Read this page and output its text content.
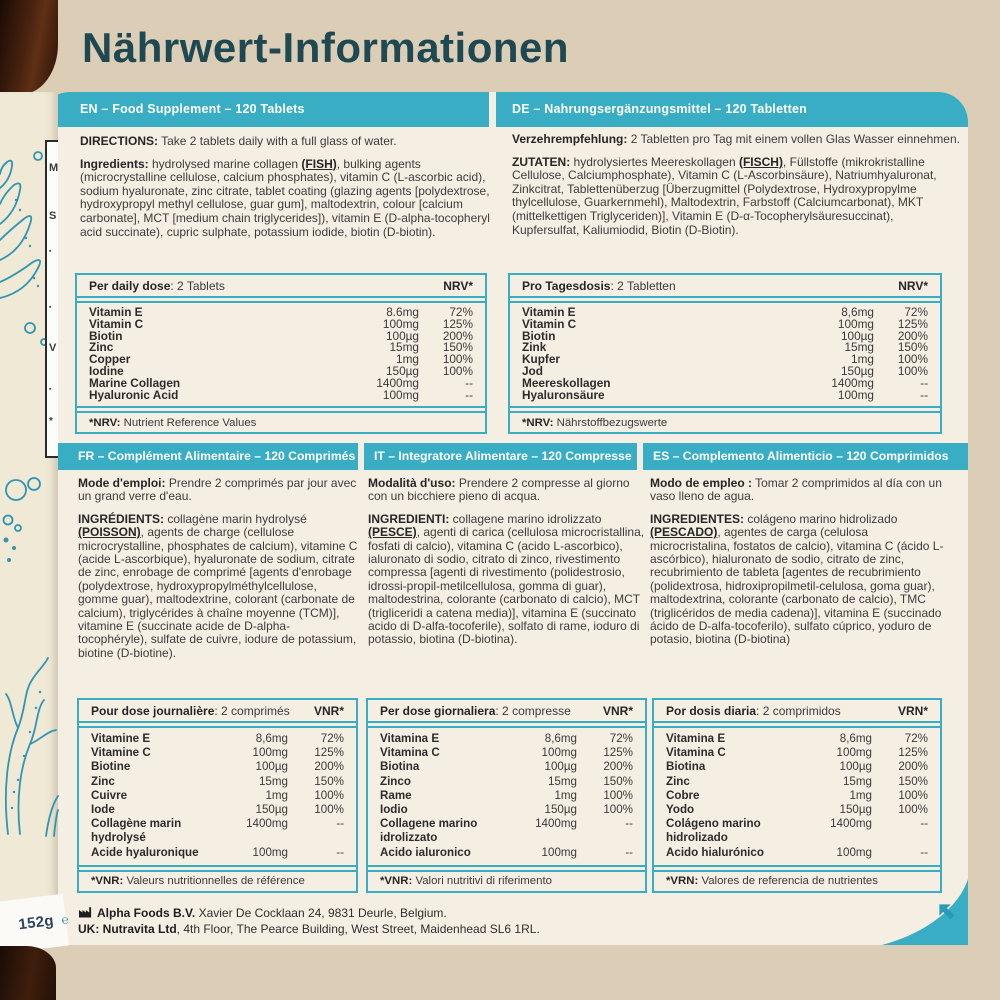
Nährwert-Informationen
EN – Food Supplement – 120 Tablets	DE – Nahrungsergänzungsmittel – 120 Tabletten

DIRECTIONS: Take 2 tablets daily with a full glass of water.

Ingredients: hydrolysed marine collagen (FISH), bulking agents (microcrystalline cellulose, calcium phosphates), vitamin C (L-ascorbic acid), sodium hyaluronate, zinc citrate, tablet coating (glazing agents [polydextrose, hydroxypropyl methyl cellulose, guar gum], maltodextrin, colour [calcium carbonate], MCT [medium chain triglycerides]), vitamin E (D-alpha-tocopheryl acid succinate), cupric sulphate, potassium iodide, biotin (D-biotin).

Verzehrempfehlung: 2 Tabletten pro Tag mit einem vollen Glas Wasser einnehmen.

ZUTATEN: hydrolysiertes Meereskollagen (FISCH), Füllstoffe (mikrokristalline Cellulose, Calciumphosphate), Vitamin C (L-Ascorbinsäure), Natriumhyaluronat, Zinkcitrat, Tablettenüberzug [Überzugmittel (Polydextrose, Hydroxypropylme thylcellulose, Guarkernmehl), Maltodextrin, Farbstoff (Calciumcarbonat), MKT (mittelkettigen Triglyceriden)], Vitamin E (D-α-Tocopherylsäuresuccinat), Kupfersulfat, Kaliumiodid, Biotin (D-Biotin).

Per daily dose: 2 Tablets	NRV*
Vitamin E	8.6mg	72%
Vitamin C	100mg	125%
Biotin	100µg	200%
Zinc	15mg	150%
Copper	1mg	100%
Iodine	150µg	100%
Marine Collagen	1400mg	--
Hyaluronic Acid	100mg	--
*NRV: Nutrient Reference Values
Pro Tagesdosis: 2 Tabletten	NRV*
Vitamin E	8,6mg	72%
Vitamin C	100mg	125%
Biotin	100µg	200%
Zink	15mg	150%
Kupfer	1mg	100%
Jod	150µg	100%
Meereskollagen	1400mg	--
Hyaluronsäure	100mg	--
*NRV: Nährstoffbezugswerte
FR – Complément Alimentaire – 120 Comprimés	IT – Integratore Alimentare – 120 Compresse	ES – Complemento Alimenticio – 120 Comprimidos

Mode d'emploi: Prendre 2 comprimés par jour avec un grand verre d'eau.

INGRÉDIENTS: collagène marin hydrolysé (POISSON), agents de charge (cellulose microcrystalline, phosphates de calcium), vitamine C (acide L-ascorbique), hyaluronate de sodium, citrate de zinc, enrobage de comprimé [agents d'enrobage (polydextrose, hydroxypropylméthylcellulose, gomme guar), maltodextrine, colorant (carbonate de calcium), triglycérides à chaîne moyenne (TCM)], vitamine E (succinate acide de D-alpha-tocophéryle), sulfate de cuivre, iodure de potassium, biotine (D-biotine).

Modalità d'uso: Prendere 2 compresse al giorno con un bicchiere pieno di acqua.

INGREDIENTI: collagene marino idrolizzato (PESCE), agenti di carica (cellulosa microcristallina, fosfati di calcio), vitamina C (acido L-ascorbico), ialuronato di sodio, citrato di zinco, rivestimento compressa [agenti di rivestimento (polidestrosio, idrossi-propil-metilcellulosa, gomma di guar), maltodestrina, colorante (carbonato di calcio), MCT (trigliceridi a catena media)], vitamina E (succinato acido di D-alfa-tocoferile), solfato di rame, ioduro di potassio, biotina (D-biotina).

Modo de empleo : Tomar 2 comprimidos al día con un vaso lleno de agua.

INGREDIENTES: colágeno marino hidrolizado (PESCADO), agentes de carga (celulosa microcristalina, fostatos de calcio), vitamina C (ácido L-ascórbico), hialuronato de sodio, citrato de zinc, recubrimiento de tableta [agentes de recubrimiento (polidextrosa, hidroxipropilmetil-celulosa, goma guar), maltodextrina, colorante (carbonato de calcio), TMC (triglicéridos de media cadena)], vitamina E (succinado ácido de D-alfa-tocoferilo), sulfato cúprico, yoduro de potasio, biotina (D-biotina)

Pour dose journalière: 2 comprimés VNR*
Vitamine E	8,6mg	72%
Vitamine C	100mg	125%
Biotine	100µg	200%
Zinc	15mg	150%
Cuivre	1mg	100%
Iode	150µg	100%
Collagène marin
hydrolysé
1400mg	--
Acide hyaluronique	100mg	--
*VNR: Valeurs nutritionnelles de référence
Per dose giornaliera: 2 compresse	VNR*
Vitamina E	8,6mg	72%
Vitamina C	100mg	125%
Biotina	100µg	200%
Zinco	15mg	150%
Rame	1mg	100%
Iodio	150µg	100%
Collagene marino
idrolizzato
1400mg	--
Acido ialuronico	100mg	--
*VNR: Valori nutritivi di riferimento
Por dosis diaria: 2 comprimidos	VRN*
Vitamina E	8,6mg	72%
Vitamina C	100mg	125%
Biotina	100µg	200%
Zinc	15mg	150%
Cobre	1mg	100%
Yodo	150µg	100%
Colágeno marino
hidrolizado
1400mg	--
Acido hialurónico	100mg	--
*VRN: Valores de referencia de nutrientes
Alpha Foods B.V. Xavier De Cocklaan 24, 9831 Deurle, Belgium.
UK: Nutravita Ltd, 4th Floor, The Pearce Building, West Street, Maidenhead SL6 1RL.
M
S
▪
▪
V
▪
*
152g ℮
